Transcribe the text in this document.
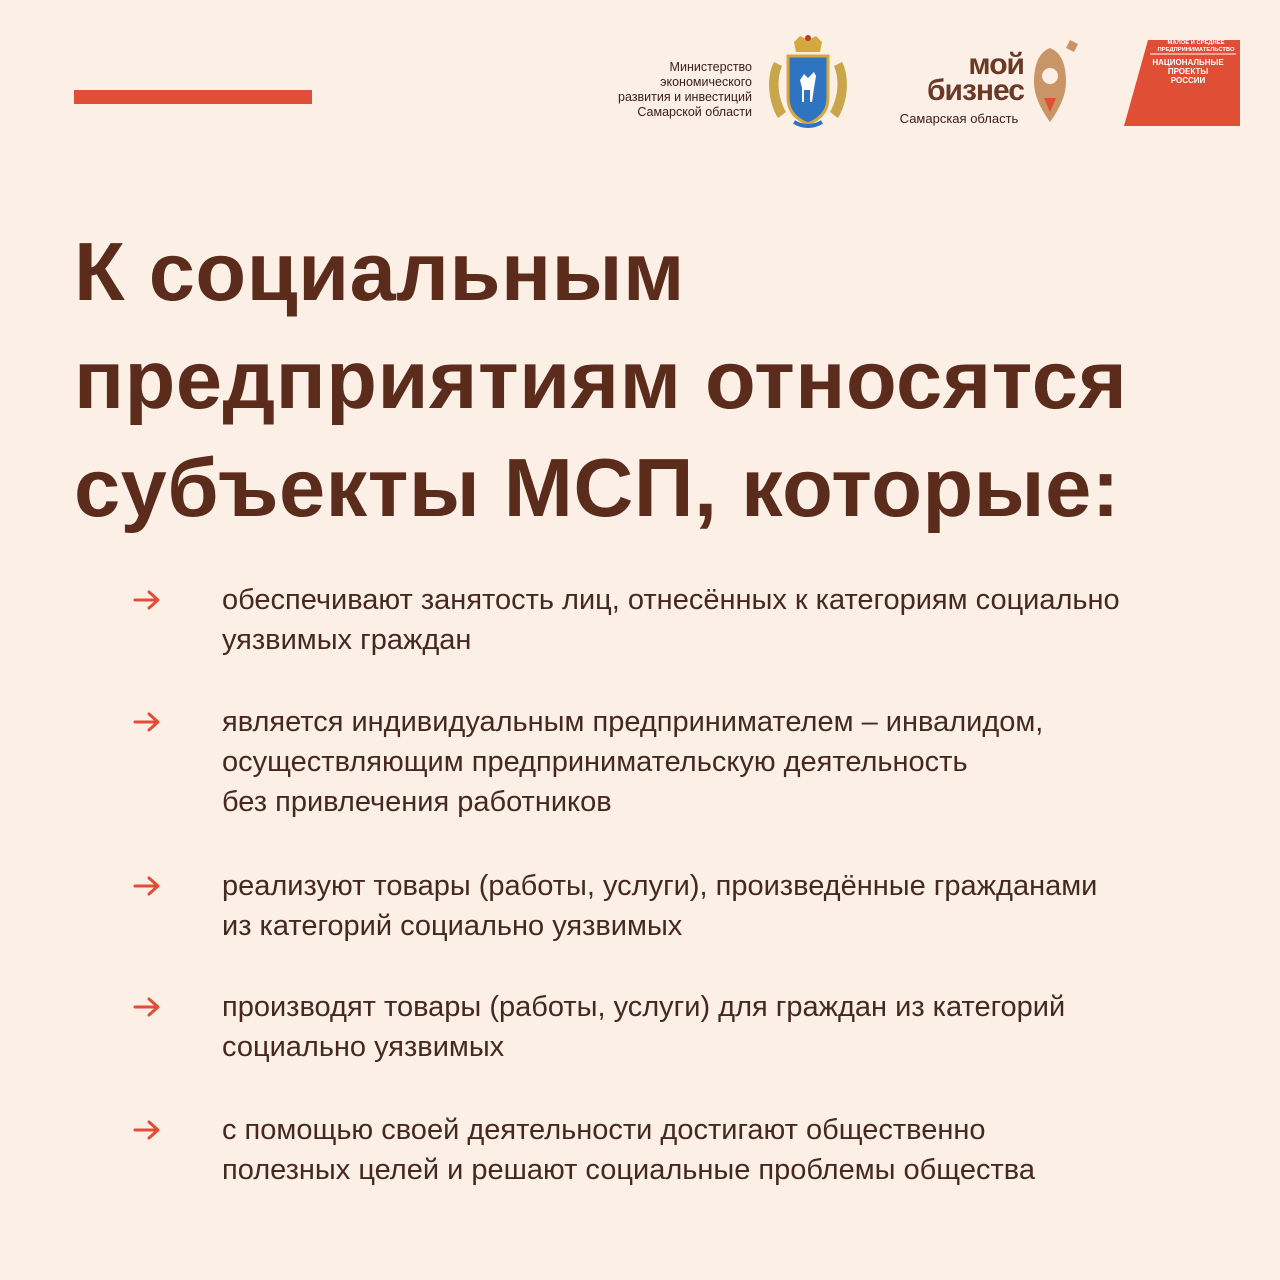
Министерство
экономического
развития и инвестиций
Самарской области
мой
бизнес
Самарская область
МАЛОЕ И СРЕДНЕЕ
ПРЕДПРИНИМАТЕЛЬСТВО
НАЦИОНАЛЬНЫЕ
ПРОЕКТЫ
РОССИИ
К социальным
предприятиям относятся
субъекты МСП, которые:
обеспечивают занятость лиц, отнесённых к категориям социально
уязвимых граждан
является индивидуальным предпринимателем – инвалидом,
осуществляющим предпринимательскую деятельность
без привлечения работников
реализуют товары (работы, услуги), произведённые гражданами
из категорий социально уязвимых
производят товары (работы, услуги) для граждан из категорий
социально уязвимых
с помощью своей деятельности достигают общественно
полезных целей и решают социальные проблемы общества
